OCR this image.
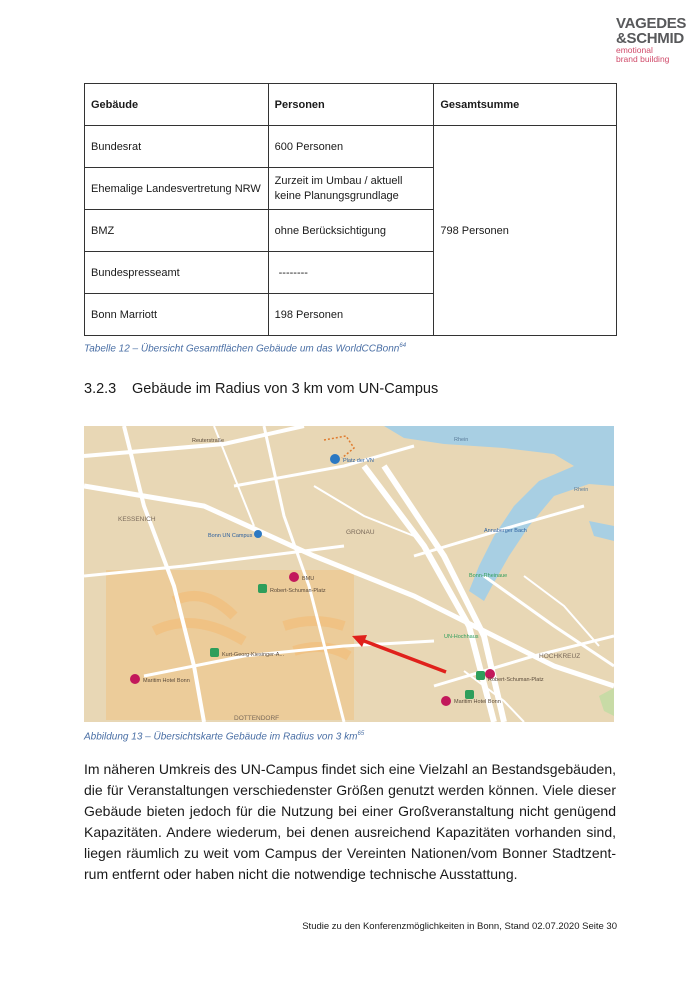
VAGEDES
&SCHMID
emotional
brand building
Gebäude	Personen	Gesamtsumme
Bundesrat	600 Personen	798 Personen
Ehemalige Landesvertretung NRW	Zurzeit im Umbau / aktuell keine Planungsgrundlage	
BMZ	ohne Berücksichtigung	
Bundespresseamt	--------	
Bonn Marriott	198 Personen	
Tabelle 12 – Übersicht Gesamtflächen Gebäude um das WorldCCBonn$^{64}$
3.2.3 Gebäude im Radius von 3 km vom UN-Campus
Platz der VN
Rhein
Rhein
KESSENICH
GRONAU
HOCHKREUZ
DOTTENDORF
Bonn UN Campus
BMU
Robert-Schuman-Platz
Kurt-Georg-Kiesinger-A...
Maritim Hotel Bonn	Robert-Schuman-Platz
Maritim Hotel Bonn
Annaberger Bach
Reuterstraße
Bonn-Rheinaue
UN-Hochhaus
Abbildung 13 – Übersichtskarte Gebäude im Radius von 3 $km^{65}$
Im näheren Umkreis des UN-Campus findet sich eine Vielzahl an Bestandsgebäuden,
die für Veranstaltungen verschiedenster Größen genutzt werden können. Viele dieser
Gebäude bieten jedoch für die Nutzung bei einer Großveranstaltung nicht genügend
Kapazitäten. Andere wiederum, bei denen ausreichend Kapazitäten vorhanden sind,
liegen räumlich zu weit vom Campus der Vereinten Nationen/vom Bonner Stadtzent-
rum entfernt oder haben nicht die notwendige technische Ausstattung.
Studie zu den Konferenzmöglichkeiten in Bonn, Stand 02.07.2020 Seite 30
